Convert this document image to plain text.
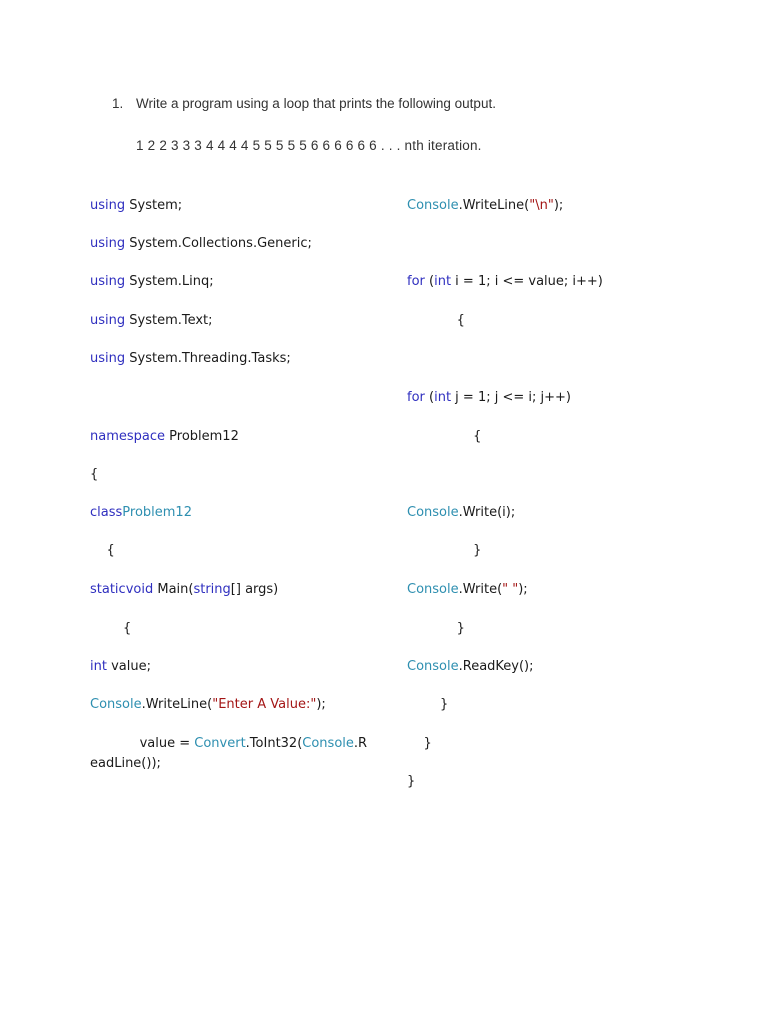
1. Write a program using a loop that prints the following output.
1 2 2 3 3 3 4 4 4 4 5 5 5 5 5 6 6 6 6 6 6 . . . nth iteration.
using System;
using System.Collections.Generic;
using System.Linq;
using System.Text;
using System.Threading.Tasks;
namespace Problem12
{
classProblem12
{
staticvoid Main(string[] args)
{
int value;
Console.WriteLine("Enter A Value:");
value = Convert.ToInt32(Console.R
eadLine());
Console.WriteLine("\n");
for (int i = 1; i <= value; i++)
{
for (int j = 1; j <= i; j++)
{
Console.Write(i);
}
Console.Write(" ");
}
Console.ReadKey();
}
}
}
